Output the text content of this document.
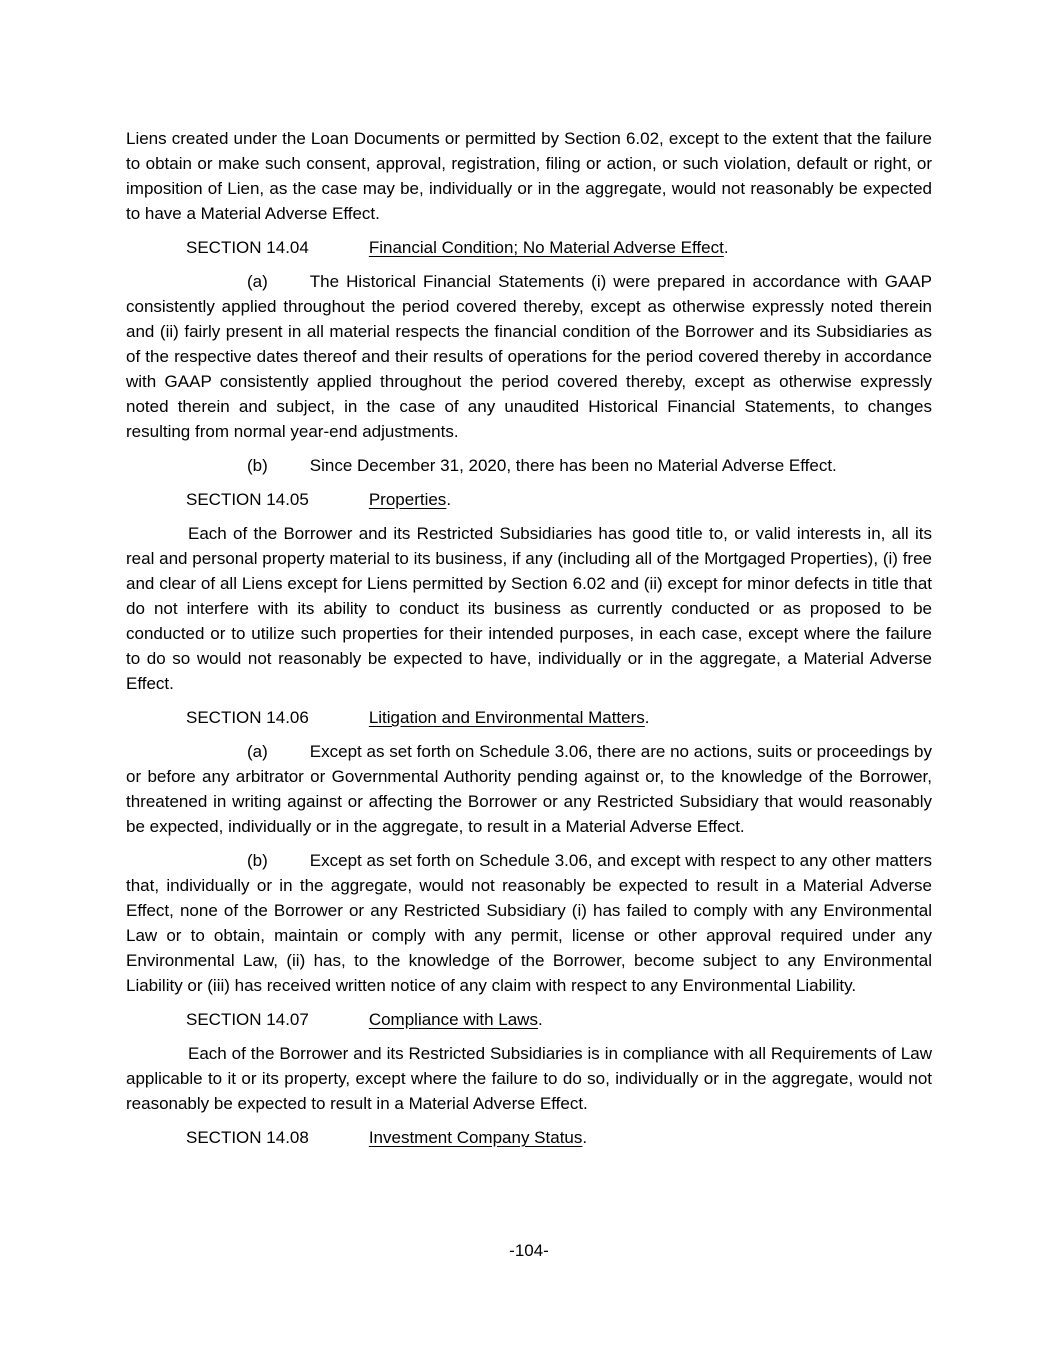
Liens created under the Loan Documents or permitted by Section 6.02, except to the extent that the failure to obtain or make such consent, approval, registration, filing or action, or such violation, default or right, or imposition of Lien, as the case may be, individually or in the aggregate, would not reasonably be expected to have a Material Adverse Effect.

SECTION 14.04	Financial Condition; No Material Adverse Effect.

(a) The Historical Financial Statements (i) were prepared in accordance with GAAP consistently applied throughout the period covered thereby, except as otherwise expressly noted therein and (ii) fairly present in all material respects the financial condition of the Borrower and its Subsidiaries as of the respective dates thereof and their results of operations for the period covered thereby in accordance with GAAP consistently applied throughout the period covered thereby, except as otherwise expressly noted therein and subject, in the case of any unaudited Historical Financial Statements, to changes resulting from normal year-end adjustments.

(b) Since December 31, 2020, there has been no Material Adverse Effect.

SECTION 14.05	Properties.

Each of the Borrower and its Restricted Subsidiaries has good title to, or valid interests in, all its real and personal property material to its business, if any (including all of the Mortgaged Properties), (i) free and clear of all Liens except for Liens permitted by Section 6.02 and (ii) except for minor defects in title that do not interfere with its ability to conduct its business as currently conducted or as proposed to be conducted or to utilize such properties for their intended purposes, in each case, except where the failure to do so would not reasonably be expected to have, individually or in the aggregate, a Material Adverse Effect.

SECTION 14.06	Litigation and Environmental Matters.

(a) Except as set forth on Schedule 3.06, there are no actions, suits or proceedings by or before any arbitrator or Governmental Authority pending against or, to the knowledge of the Borrower, threatened in writing against or affecting the Borrower or any Restricted Subsidiary that would reasonably be expected, individually or in the aggregate, to result in a Material Adverse Effect.

(b) Except as set forth on Schedule 3.06, and except with respect to any other matters that, individually or in the aggregate, would not reasonably be expected to result in a Material Adverse Effect, none of the Borrower or any Restricted Subsidiary (i) has failed to comply with any Environmental Law or to obtain, maintain or comply with any permit, license or other approval required under any Environmental Law, (ii) has, to the knowledge of the Borrower, become subject to any Environmental Liability or (iii) has received written notice of any claim with respect to any Environmental Liability.

SECTION 14.07	Compliance with Laws.

Each of the Borrower and its Restricted Subsidiaries is in compliance with all Requirements of Law applicable to it or its property, except where the failure to do so, individually or in the aggregate, would not reasonably be expected to result in a Material Adverse Effect.

SECTION 14.08	Investment Company Status.

-104-
